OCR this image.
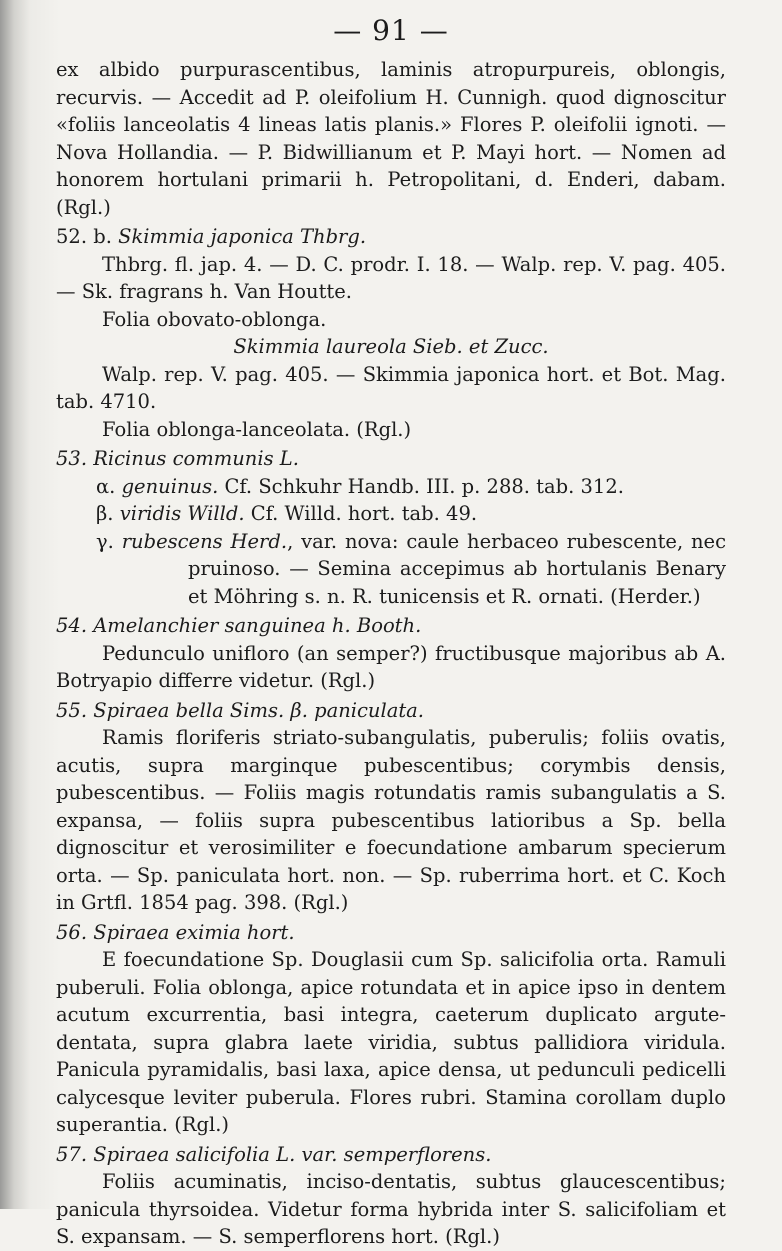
— 91 —

ex albido purpurascentibus, laminis atropurpureis, oblongis, recurvis. — Accedit ad P. oleifolium H. Cunnigh. quod dignoscitur «foliis lanceolatis 4 lineas latis planis.» Flores P. oleifolii ignoti. — Nova Hollandia. — P. Bidwillianum et P. Mayi hort. — Nomen ad honorem hortulani primarii h. Petropolitani, d. Enderi, dabam. (Rgl.)

52. b. Skimmia japonica Thbrg.

Thbrg. fl. jap. 4. — D. C. prodr. I. 18. — Walp. rep. V. pag. 405. — Sk. fragrans h. Van Houtte.

Folia obovato-oblonga.

Skimmia laureola Sieb. et Zucc.

Walp. rep. V. pag. 405. — Skimmia japonica hort. et Bot. Mag. tab. 4710.

Folia oblonga-lanceolata. (Rgl.)

53. Ricinus communis L.

α. genuinus. Cf. Schkuhr Handb. III. p. 288. tab. 312.

β. viridis Willd. Cf. Willd. hort. tab. 49.

γ. rubescens Herd., var. nova: caule herbaceo rubescente, nec pruinoso. — Semina accepimus ab hortulanis Benary et Möhring s. n. R. tunicensis et R. ornati. (Herder.)

54. Amelanchier sanguinea h. Booth.

Pedunculo unifloro (an semper?) fructibusque majoribus ab A. Botryapio differre videtur. (Rgl.)

55. Spiraea bella Sims. β. paniculata.

Ramis floriferis striato-subangulatis, puberulis; foliis ovatis, acutis, supra marginque pubescentibus; corymbis densis, pubescentibus. — Foliis magis rotundatis ramis subangulatis a S. expansa, — foliis supra pubescentibus latioribus a Sp. bella dignoscitur et verosimiliter e foecundatione ambarum specierum orta. — Sp. paniculata hort. non. — Sp. ruberrima hort. et C. Koch in Grtfl. 1854 pag. 398. (Rgl.)

56. Spiraea eximia hort.

E foecundatione Sp. Douglasii cum Sp. salicifolia orta. Ramuli puberuli. Folia oblonga, apice rotundata et in apice ipso in dentem acutum excurrentia, basi integra, caeterum duplicato argute-dentata, supra glabra laete viridia, subtus pallidiora viridula. Panicula pyramidalis, basi laxa, apice densa, ut pedunculi pedicelli calycesque leviter puberula. Flores rubri. Stamina corollam duplo superantia. (Rgl.)

57. Spiraea salicifolia L. var. semperflorens.

Foliis acuminatis, inciso-dentatis, subtus glaucescentibus; panicula thyrsoidea. Videtur forma hybrida inter S. salicifoliam et S. expansam. — S. semperflorens hort. (Rgl.)
